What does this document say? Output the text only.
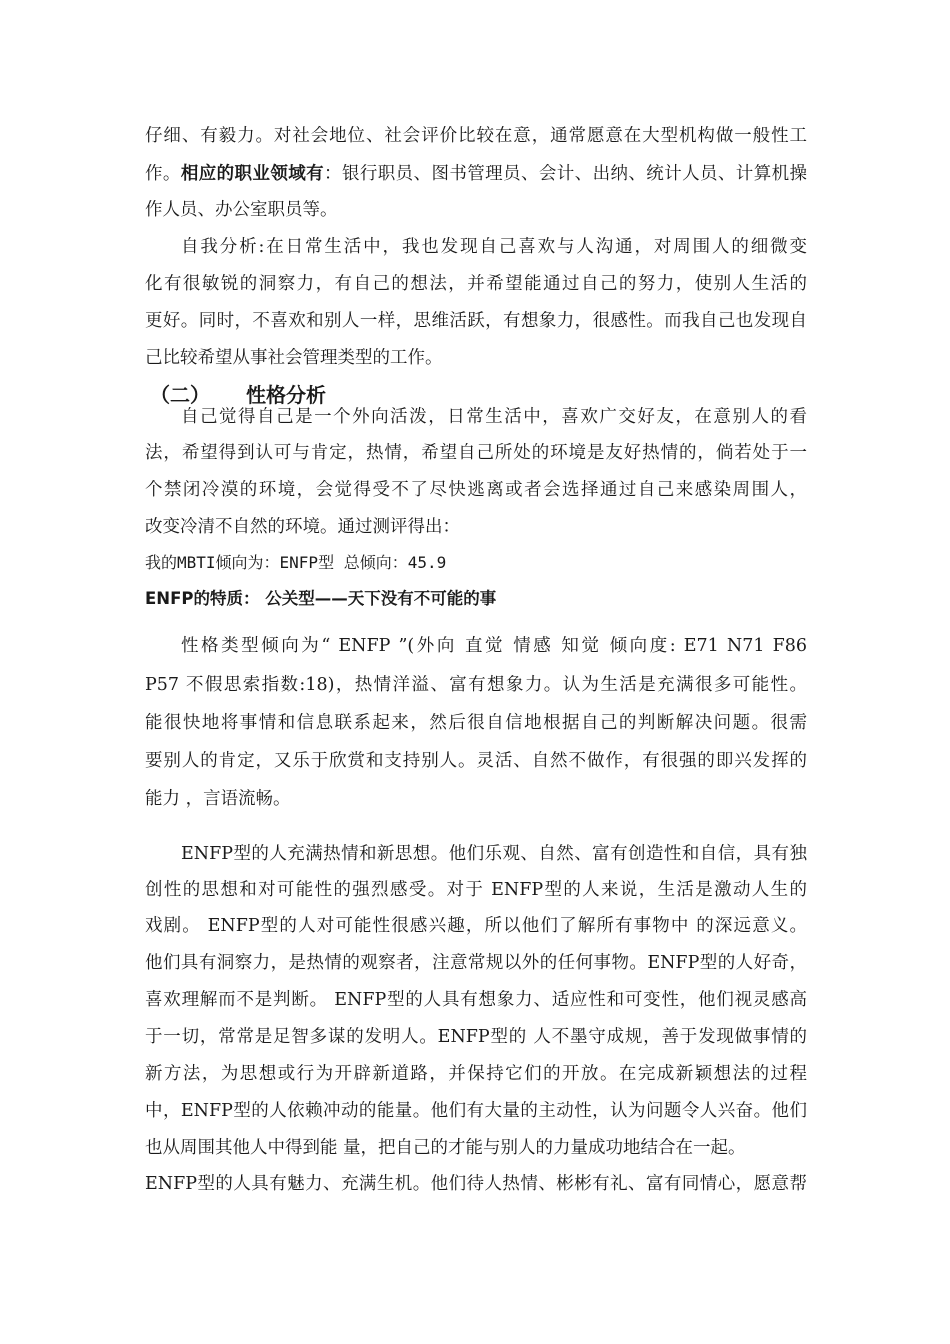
仔细、有毅力。对社会地位、社会评价比较在意，通常愿意在大型机构做一般性工
作。相应的职业领域有：银行职员、图书管理员、会计、出纳、统计人员、计算机操
作人员、办公室职员等。
自我分析:在日常生活中，我也发现自己喜欢与人沟通，对周围人的细微变
化有很敏锐的洞察力，有自己的想法，并希望能通过自己的努力，使别人生活的
更好。同时，不喜欢和别人一样，思维活跃，有想象力，很感性。而我自己也发现自
己比较希望从事社会管理类型的工作。
（二） 性格分析
自己觉得自己是一个外向活泼，日常生活中，喜欢广交好友，在意别人的看
法，希望得到认可与肯定，热情，希望自己所处的环境是友好热情的，倘若处于一
个禁闭冷漠的环境，会觉得受不了尽快逃离或者会选择通过自己来感染周围人，
改变冷清不自然的环境。通过测评得出：
我的MBTI倾向为：ENFP型 总倾向：45.9
ENFP的特质： 公关型——天下没有不可能的事
性格类型倾向为“ ENFP ”(外向 直觉 情感 知觉 倾向度: E71 N71 F86
P57 不假思索指数:18)，热情洋溢、富有想象力。认为生活是充满很多可能性。
能很快地将事情和信息联系起来，然后很自信地根据自己的判断解决问题。很需
要别人的肯定，又乐于欣赏和支持别人。灵活、自然不做作，有很强的即兴发挥的
能力 ，言语流畅。
ENFP型的人充满热情和新思想。他们乐观、自然、富有创造性和自信，具有独
创性的思想和对可能性的强烈感受。对于 ENFP型的人来说，生活是激动人生的
戏剧。 ENFP型的人对可能性很感兴趣，所以他们了解所有事物中 的深远意义。
他们具有洞察力，是热情的观察者，注意常规以外的任何事物。ENFP型的人好奇，
喜欢理解而不是判断。 ENFP型的人具有想象力、适应性和可变性，他们视灵感高
于一切，常常是足智多谋的发明人。ENFP型的 人不墨守成规，善于发现做事情的
新方法，为思想或行为开辟新道路，并保持它们的开放。在完成新颖想法的过程
中，ENFP型的人依赖冲动的能量。他们有大量的主动性，认为问题令人兴奋。他们
也从周围其他人中得到能 量，把自己的才能与别人的力量成功地结合在一起。
ENFP型的人具有魅力、充满生机。他们待人热情、彬彬有礼、富有同情心，愿意帮
